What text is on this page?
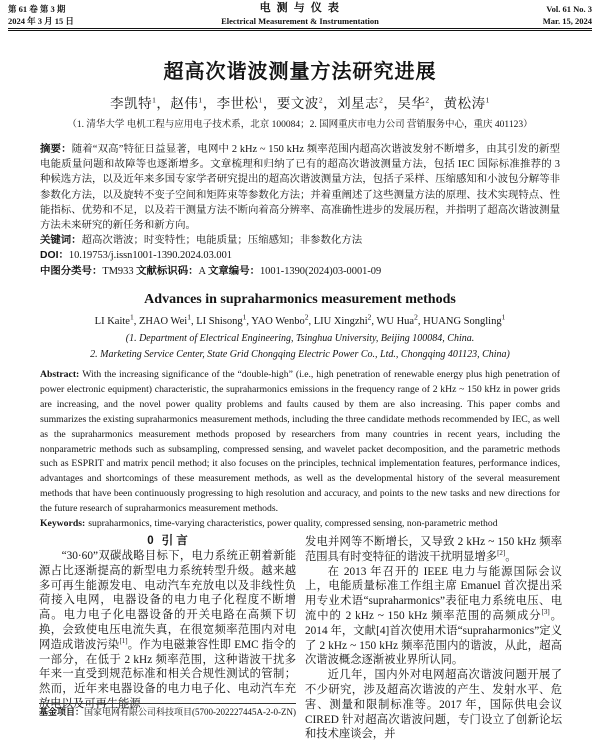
第 61 卷 第 3 期
2024 年 3 月 15 日
电 测 与 仪 表
Electrical Measurement & Instrumentation
Vol. 61 No. 3
Mar. 15, 2024
超高次谐波测量方法研究进展
李凯特$^1$，赵伟$^1$，李世松$^1$，要文波$^2$，刘星志$^2$，吴华$^2$，黄松涛$^1$
（1. 清华大学 电机工程与应用电子技术系，北京 100084；2. 国网重庆市电力公司 营销服务中心，重庆 401123）

摘要：随着“双高”特征日益显著，电网中 2 kHz ~ 150 kHz 频率范围内超高次谐波发射不断增多，由其引发的新型电能质量问题和故障等也逐渐增多。文章梳理和归纳了已有的超高次谐波测量方法，包括 IEC 国际标准推荐的 3 种候选方法，以及近年来多国专家学者研究提出的超高次谐波测量方法，包括子采样、压缩感知和小波包分解等非参数化方法，以及旋转不变子空间和矩阵束等参数化方法；并着重阐述了这些测量方法的原理、技术实现特点、性能指标、优势和不足，以及若干测量方法不断向着高分辨率、高准确性进步的发展历程，并指明了超高次谐波测量方法未来研究的新任务和新方向。

关键词：超高次谐波；时变特性；电能质量；压缩感知；非参数化方法

DOI：10.19753/j.issn1001-1390.2024.03.001

中图分类号：TM933 文献标识码：A 文章编号：1001-1390(2024)03-0001-09
Advances in supraharmonics measurement methods
LI Kaite$^1$, ZHAO Wei$^1$, LI Shisong$^1$, YAO Wenbo$^2$, LIU Xingzhi$^2$, WU Hua$^2$, HUANG Songling$^1$
(1. Department of Electrical Engineering, Tsinghua University, Beijing 100084, China.
2. Marketing Service Center, State Grid Chongqing Electric Power Co., Ltd., Chongqing 401123, China)

Abstract: With the increasing significance of the “double-high” (i.e., high penetration of renewable energy plus high penetration of power electronic equipment) characteristic, the supraharmonics emissions in the frequency range of 2 kHz ~ 150 kHz in power grids are increasing, and the novel power quality problems and faults caused by them are also increasing. This paper combs and summarizes the existing supraharmonics measurement methods, including the three candidate methods recommended by IEC, as well as the supraharmonics measurement methods proposed by researchers from many countries in recent years, including the nonparametric methods such as subsampling, compressed sensing, and wavelet packet decomposition, and the parametric methods such as ESPRIT and matrix pencil method; it also focuses on the principles, technical implementation features, performance indices, advantages and shortcomings of these measurement methods, as well as the developmental history of the several measurement methods that have been continuously progressing to high resolution and accuracy, and points to the new tasks and new directions for the future research of supraharmonics measurement methods.

Keywords: supraharmonics, time-varying characteristics, power quality, compressed sensing, non-parametric method

0 引 言

“30·60”双碳战略目标下，电力系统正朝着新能源占比逐渐提高的新型电力系统转型升级。越来越多可再生能源发电、电动汽车充放电以及非线性负荷接入电网，电器设备的电力电子化程度不断增高。电力电子化电器设备的开关电路在高频下切换，会致使电压电流失真，在很宽频率范围内对电网造成谐波污染[1]。作为电磁兼容性即 EMC 指令的一部分，在低于 2 kHz 频率范围，这种谐波干扰多年来一直受到规范标准和相关合规性测试的管制；然而，近年来电器设备的电力电子化、电动汽车充放电以及可再生能源

基金项目：国家电网有限公司科技项目(5700-202227445A-2-0-ZN)

发电并网等不断增长，又导致 2 kHz ~ 150 kHz 频率范围具有时变特征的谐波干扰明显增多[2]。

在 2013 年召开的 IEEE 电力与能源国际会议上，电能质量标准工作组主席 Emanuel 首次提出采用专业术语“supraharmonics”表征电力系统电压、电流中的 2 kHz ~ 150 kHz 频率范围的高频成分[3]。2014 年，文献[4]首次使用术语“supraharmonics”定义了 2 kHz ~ 150 kHz 频率范围内的谐波，从此，超高次谐波概念逐渐被业界所认同。

近几年，国内外对电网超高次谐波问题开展了不少研究，涉及超高次谐波的产生、发射水平、危害、测量和限制标准等。2017 年，国际供电会议 CIRED 针对超高次谐波问题，专门设立了创新论坛和技术座谈会，并
